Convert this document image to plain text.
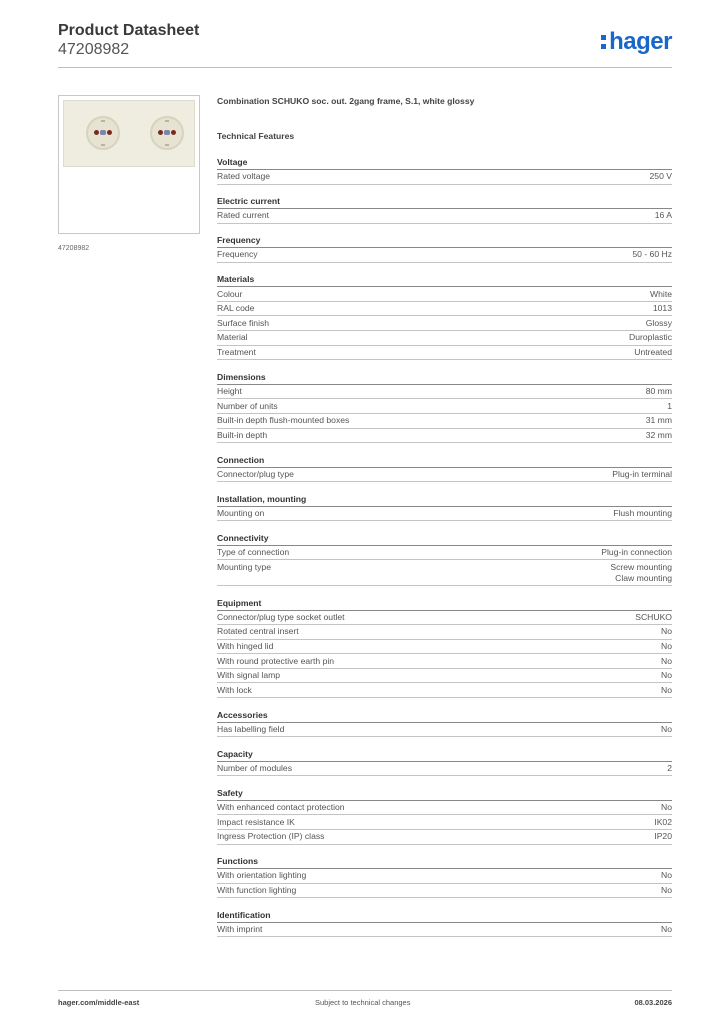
Product Datasheet
47208982	hager
47208982
Combination SCHUKO soc. out. 2gang frame, S.1, white glossy
Technical Features
Voltage
Rated voltage	250 V
Electric current
Rated current	16 A
Frequency
Frequency	50 - 60 Hz
Materials
Colour	White
RAL code	1013
Surface finish	Glossy
Material	Duroplastic
Treatment	Untreated
Dimensions
Height	80 mm
Number of units	1
Built-in depth flush-mounted boxes	31 mm
Built-in depth	32 mm
Connection
Connector/plug type	Plug-in terminal
Installation, mounting
Mounting on	Flush mounting
Connectivity
Type of connection	Plug-in connection
Mounting type	Screw mounting
Claw mounting
Equipment
Connector/plug type socket outlet	SCHUKO
Rotated central insert	No
With hinged lid	No
With round protective earth pin	No
With signal lamp	No
With lock	No
Accessories
Has labelling field	No
Capacity
Number of modules	2
Safety
With enhanced contact protection	No
Impact resistance IK	IK02
Ingress Protection (IP) class	IP20
Functions
With orientation lighting	No
With function lighting	No
Identification
With imprint	No
hager.com/middle-east	Subject to technical changes	08.03.2026
